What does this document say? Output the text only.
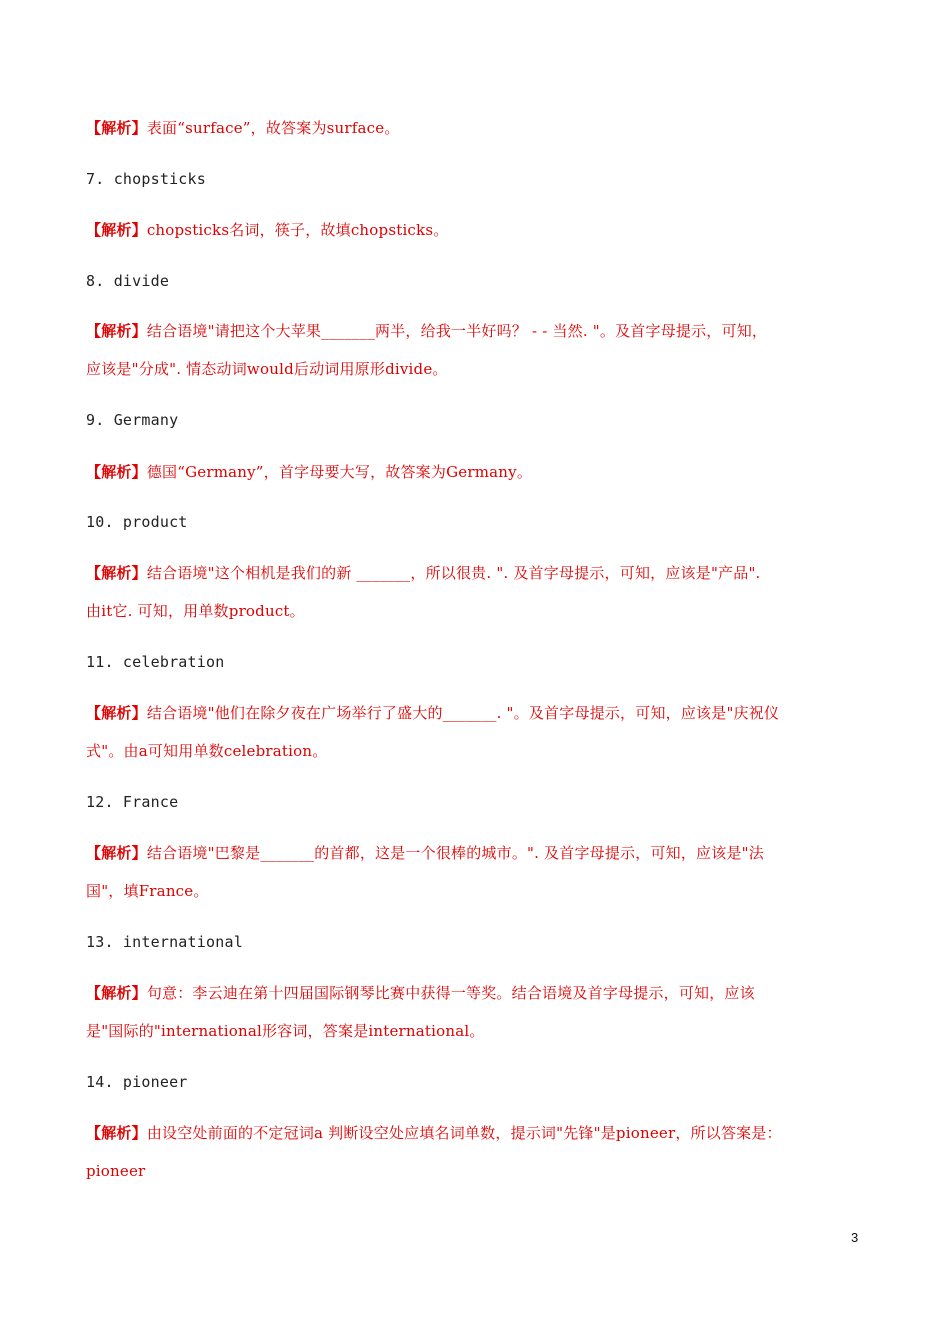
【解析】表面“surface”，故答案为surface。
7. chopsticks
【解析】chopsticks名词，筷子，故填chopsticks。
8. divide
【解析】结合语境"请把这个大苹果_______两半，给我一半好吗？ - - 当然. "。及首字母提示，可知，
应该是"分成". 情态动词would后动词用原形divide。
9. Germany
【解析】德国“Germany”，首字母要大写，故答案为Germany。
10. product
【解析】结合语境"这个相机是我们的新 _______，所以很贵. ". 及首字母提示，可知，应该是"产品".
由it它. 可知，用单数product。
11. celebration
【解析】结合语境"他们在除夕夜在广场举行了盛大的_______. "。及首字母提示，可知，应该是"庆祝仪
式"。由a可知用单数celebration。
12. France
【解析】结合语境"巴黎是_______的首都，这是一个很棒的城市。". 及首字母提示，可知，应该是"法
国"，填France。
13. international
【解析】句意：李云迪在第十四届国际钢琴比赛中获得一等奖。结合语境及首字母提示，可知，应该
是"国际的"international形容词，答案是international。
14. pioneer
【解析】由设空处前面的不定冠词a 判断设空处应填名词单数，提示词"先锋"是pioneer，所以答案是：
pioneer
3
